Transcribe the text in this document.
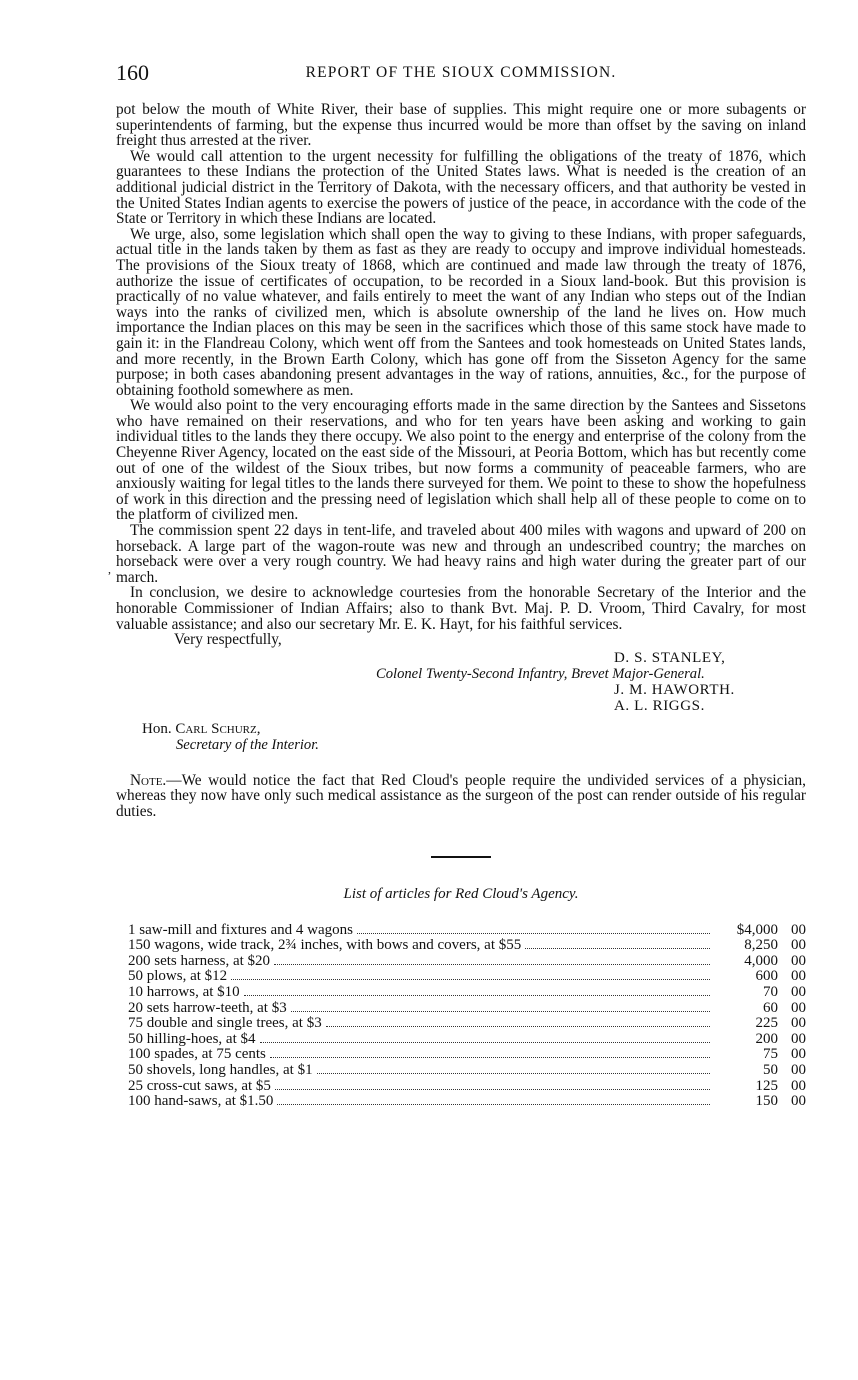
160	REPORT OF THE SIOUX COMMISSION.
,

pot below the mouth of White River, their base of supplies. This might require one or more subagents or superintendents of farming, but the expense thus incurred would be more than offset by the saving on inland freight thus arrested at the river.

We would call attention to the urgent necessity for fulfilling the obligations of the treaty of 1876, which guarantees to these Indians the protection of the United States laws. What is needed is the creation of an additional judicial district in the Territory of Dakota, with the necessary officers, and that authority be vested in the United States Indian agents to exercise the powers of justice of the peace, in accordance with the code of the State or Territory in which these Indians are located.

We urge, also, some legislation which shall open the way to giving to these Indians, with proper safeguards, actual title in the lands taken by them as fast as they are ready to occupy and improve individual homesteads. The provisions of the Sioux treaty of 1868, which are continued and made law through the treaty of 1876, authorize the issue of certificates of occupation, to be recorded in a Sioux land-book. But this provision is practically of no value whatever, and fails entirely to meet the want of any Indian who steps out of the Indian ways into the ranks of civilized men, which is absolute ownership of the land he lives on. How much importance the Indian places on this may be seen in the sacrifices which those of this same stock have made to gain it: in the Flandreau Colony, which went off from the Santees and took homesteads on United States lands, and more recently, in the Brown Earth Colony, which has gone off from the Sisseton Agency for the same purpose; in both cases abandoning present advantages in the way of rations, annuities, &c., for the purpose of obtaining foothold somewhere as men.

We would also point to the very encouraging efforts made in the same direction by the Santees and Sissetons who have remained on their reservations, and who for ten years have been asking and working to gain individual titles to the lands they there occupy. We also point to the energy and enterprise of the colony from the Cheyenne River Agency, located on the east side of the Missouri, at Peoria Bottom, which has but recently come out of one of the wildest of the Sioux tribes, but now forms a community of peaceable farmers, who are anxiously waiting for legal titles to the lands there surveyed for them. We point to these to show the hopefulness of work in this direction and the pressing need of legislation which shall help all of these people to come on to the platform of civilized men.

The commission spent 22 days in tent-life, and traveled about 400 miles with wagons and upward of 200 on horseback. A large part of the wagon-route was new and through an undescribed country; the marches on horseback were over a very rough country. We had heavy rains and high water during the greater part of our march.

In conclusion, we desire to acknowledge courtesies from the honorable Secretary of the Interior and the honorable Commissioner of Indian Affairs; also to thank Bvt. Maj. P. D. Vroom, Third Cavalry, for most valuable assistance; and also our secretary Mr. E. K. Hayt, for his faithful services.

Very respectfully,

D. S. STANLEY,
Colonel Twenty-Second Infantry, Brevet Major-General.
J. M. HAWORTH.
A. L. RIGGS.
Hon. Carl Schurz,
Secretary of the Interior.

Note.—We would notice the fact that Red Cloud's people require the undivided services of a physician, whereas they now have only such medical assistance as the surgeon of the post can render outside of his regular duties.

List of articles for Red Cloud's Agency.
1 saw-mill and fixtures and 4 wagons	$4,000 00
150 wagons, wide track, 2¾ inches, with bows and covers, at $55	8,250 00
200 sets harness, at $20	4,000 00
50 plows, at $12	600 00
10 harrows, at $10	70 00
20 sets harrow-teeth, at $3	60 00
75 double and single trees, at $3	225 00
50 hilling-hoes, at $4	200 00
100 spades, at 75 cents	75 00
50 shovels, long handles, at $1	50 00
25 cross-cut saws, at $5	125 00
100 hand-saws, at $1.50	150 00
